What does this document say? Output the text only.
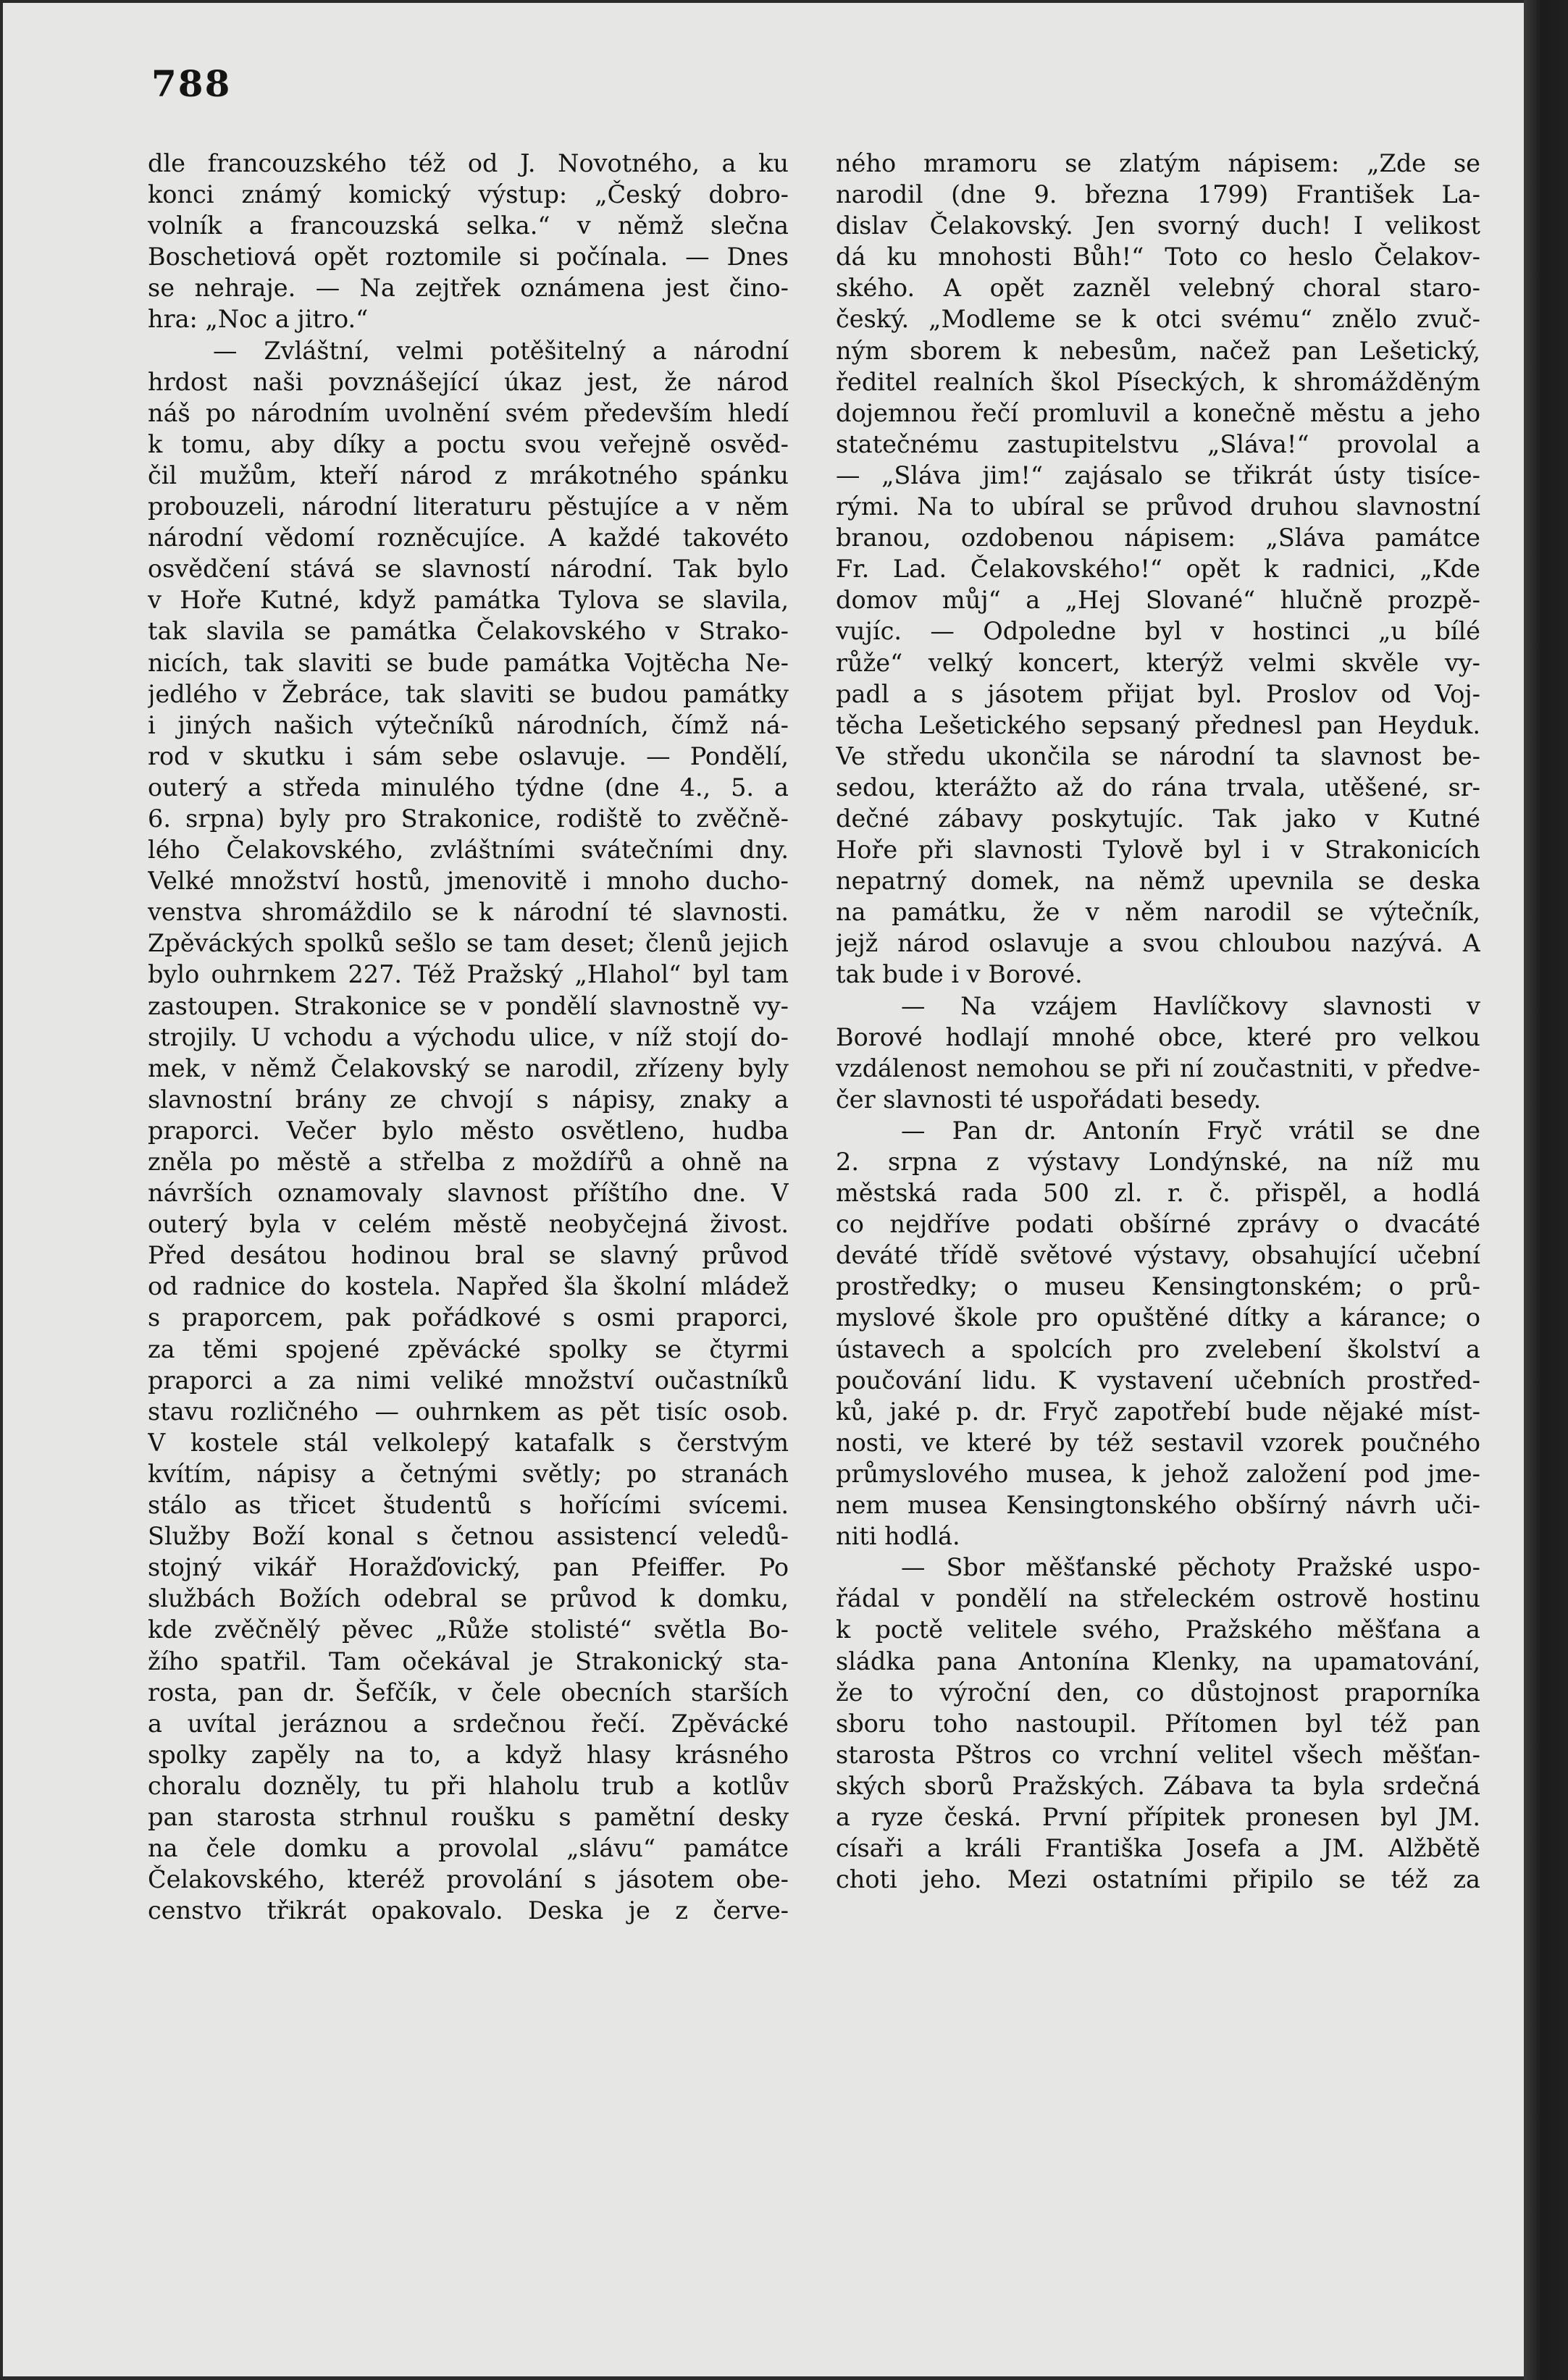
788
dle francouzského též od J. Novotného, a ku
konci známý komický výstup: „Český dobro-
volník a francouzská selka.“ v němž slečna
Boschetiová opět roztomile si počínala. — Dnes
se nehraje. — Na zejtřek oznámena jest čino-
hra: „Noc a jitro.“
— Zvláštní, velmi potěšitelný a národní
hrdost naši povznášející úkaz jest, že národ
náš po národním uvolnění svém především hledí
k tomu, aby díky a poctu svou veřejně osvěd-
čil mužům, kteří národ z mrákotného spánku
probouzeli, národní literaturu pěstujíce a v něm
národní vědomí rozněcujíce. A každé takovéto
osvědčení stává se slavností národní. Tak bylo
v Hoře Kutné, když památka Tylova se slavila,
tak slavila se památka Čelakovského v Strako-
nicích, tak slaviti se bude památka Vojtěcha Ne-
jedlého v Žebráce, tak slaviti se budou památky
i jiných našich výtečníků národních, čímž ná-
rod v skutku i sám sebe oslavuje. — Pondělí,
outerý a středa minulého týdne (dne 4., 5. a
6. srpna) byly pro Strakonice, rodiště to zvěčně-
lého Čelakovského, zvláštními svátečními dny.
Velké množství hostů, jmenovitě i mnoho ducho-
venstva shromáždilo se k národní té slavnosti.
Zpěváckých spolků sešlo se tam deset; členů jejich
bylo ouhrnkem 227. Též Pražský „Hlahol“ byl tam
zastoupen. Strakonice se v pondělí slavnostně vy-
strojily. U vchodu a východu ulice, v níž stojí do-
mek, v němž Čelakovský se narodil, zřízeny byly
slavnostní brány ze chvojí s nápisy, znaky a
praporci. Večer bylo město osvětleno, hudba
zněla po městě a střelba z moždířů a ohně na
návrších oznamovaly slavnost příštího dne. V
outerý byla v celém městě neobyčejná živost.
Před desátou hodinou bral se slavný průvod
od radnice do kostela. Napřed šla školní mládež
s praporcem, pak pořádkové s osmi praporci,
za těmi spojené zpěvácké spolky se čtyrmi
praporci a za nimi veliké množství oučastníků
stavu rozličného — ouhrnkem as pět tisíc osob.
V kostele stál velkolepý katafalk s čerstvým
kvítím, nápisy a četnými světly; po stranách
stálo as třicet študentů s hořícími svícemi.
Služby Boží konal s četnou assistencí veledů-
stojný vikář Horažďovický, pan Pfeiffer. Po
službách Božích odebral se průvod k domku,
kde zvěčnělý pěvec „Růže stolisté“ světla Bo-
žího spatřil. Tam očekával je Strakonický sta-
rosta, pan dr. Šefčík, v čele obecních starších
a uvítal jeráznou a srdečnou řečí. Zpěvácké
spolky zapěly na to, a když hlasy krásného
choralu dozněly, tu při hlaholu trub a kotlův
pan starosta strhnul roušku s pamětní desky
na čele domku a provolal „slávu“ památce
Čelakovského, kteréž provolání s jásotem obe-
censtvo třikrát opakovalo. Deska je z červe-
ného mramoru se zlatým nápisem: „Zde se
narodil (dne 9. března 1799) František La-
dislav Čelakovský. Jen svorný duch! I velikost
dá ku mnohosti Bůh!“ Toto co heslo Čelakov-
ského. A opět zazněl velebný choral staro-
český. „Modleme se k otci svému“ znělo zvuč-
ným sborem k nebesům, načež pan Lešetický,
ředitel realních škol Píseckých, k shromážděným
dojemnou řečí promluvil a konečně městu a jeho
statečnému zastupitelstvu „Sláva!“ provolal a
— „Sláva jim!“ zajásalo se třikrát ústy tisíce-
rými. Na to ubíral se průvod druhou slavnostní
branou, ozdobenou nápisem: „Sláva památce
Fr. Lad. Čelakovského!“ opět k radnici, „Kde
domov můj“ a „Hej Slované“ hlučně prozpě-
vujíc. — Odpoledne byl v hostinci „u bílé
růže“ velký koncert, kterýž velmi skvěle vy-
padl a s jásotem přijat byl. Proslov od Voj-
těcha Lešetického sepsaný přednesl pan Heyduk.
Ve středu ukončila se národní ta slavnost be-
sedou, kterážto až do rána trvala, utěšené, sr-
dečné zábavy poskytujíc. Tak jako v Kutné
Hoře při slavnosti Tylově byl i v Strakonicích
nepatrný domek, na němž upevnila se deska
na památku, že v něm narodil se výtečník,
jejž národ oslavuje a svou chloubou nazývá. A
tak bude i v Borové.
— Na vzájem Havlíčkovy slavnosti v
Borové hodlají mnohé obce, které pro velkou
vzdálenost nemohou se při ní zoučastniti, v předve-
čer slavnosti té uspořádati besedy.
— Pan dr. Antonín Fryč vrátil se dne
2. srpna z výstavy Londýnské, na níž mu
městská rada 500 zl. r. č. přispěl, a hodlá
co nejdříve podati obšírné zprávy o dvacáté
deváté třídě světové výstavy, obsahující učební
prostředky; o museu Kensingtonském; o prů-
myslové škole pro opuštěné dítky a kárance; o
ústavech a spolcích pro zvelebení školství a
poučování lidu. K vystavení učebních prostřed-
ků, jaké p. dr. Fryč zapotřebí bude nějaké míst-
nosti, ve které by též sestavil vzorek poučného
průmyslového musea, k jehož založení pod jme-
nem musea Kensingtonského obšírný návrh uči-
niti hodlá.
— Sbor měšťanské pěchoty Pražské uspo-
řádal v pondělí na střeleckém ostrově hostinu
k poctě velitele svého, Pražského měšťana a
sládka pana Antonína Klenky, na upamatování,
že to výroční den, co důstojnost praporníka
sboru toho nastoupil. Přítomen byl též pan
starosta Pštros co vrchní velitel všech měšťan-
ských sborů Pražských. Zábava ta byla srdečná
a ryze česká. První přípitek pronesen byl JM.
císaři a králi Františka Josefa a JM. Alžbětě
choti jeho. Mezi ostatními připilo se též za
